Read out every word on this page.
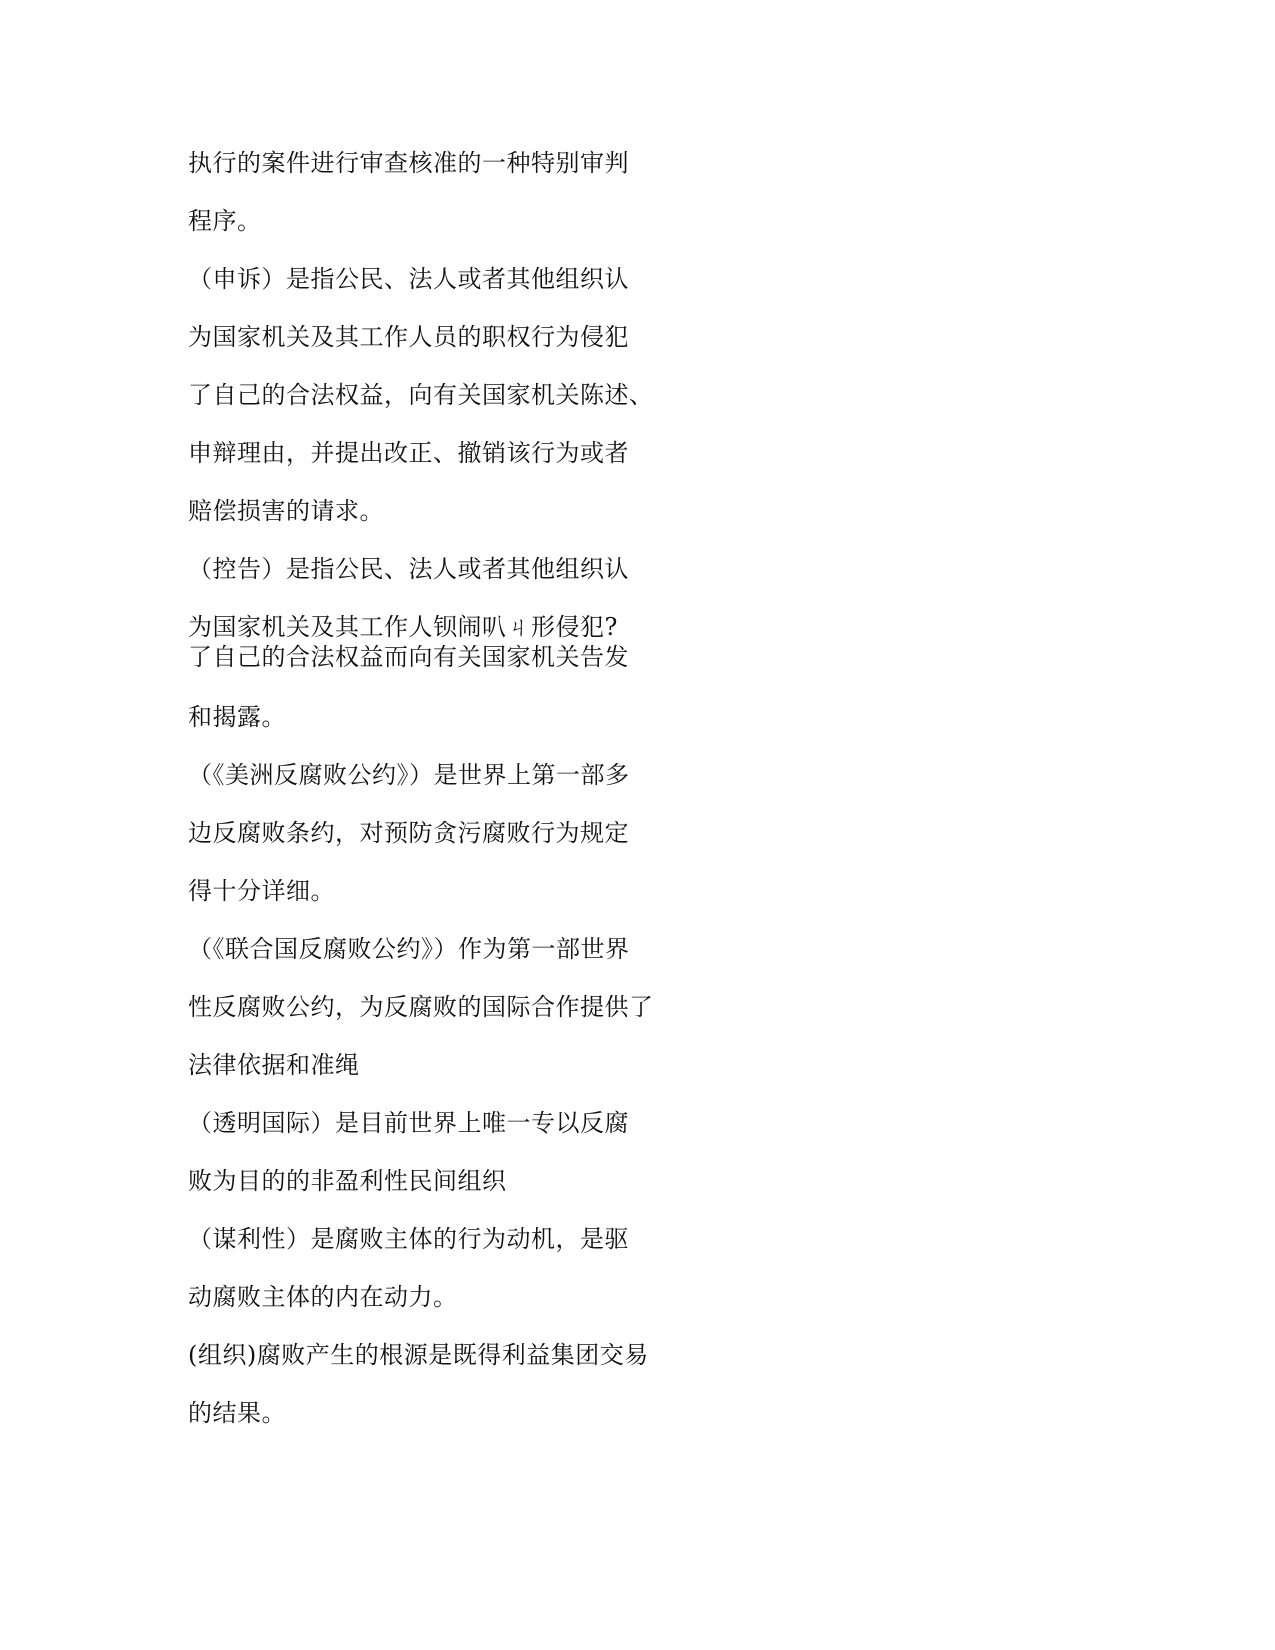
执行的案件进行审查核准的一种特别审判
程序。
（申诉）是指公民、法人或者其他组织认
为国家机关及其工作人员的职权行为侵犯
了自己的合法权益，向有关国家机关陈述、
申辩理由，并提出改正、撤销该行为或者
赔偿损害的请求。
（控告）是指公民、法人或者其他组织认
为国家机关及其工作人钡闹叭ㄐ形侵犯?
了自己的合法权益而向有关国家机关告发
和揭露。
（《美洲反腐败公约》）是世界上第一部多
边反腐败条约，对预防贪污腐败行为规定
得十分详细。
（《联合国反腐败公约》）作为第一部世界
性反腐败公约，为反腐败的国际合作提供了
法律依据和准绳
（透明国际）是目前世界上唯一专以反腐
败为目的的非盈利性民间组织
（谋利性）是腐败主体的行为动机，是驱
动腐败主体的内在动力。
(组织)腐败产生的根源是既得利益集团交易
的结果。
